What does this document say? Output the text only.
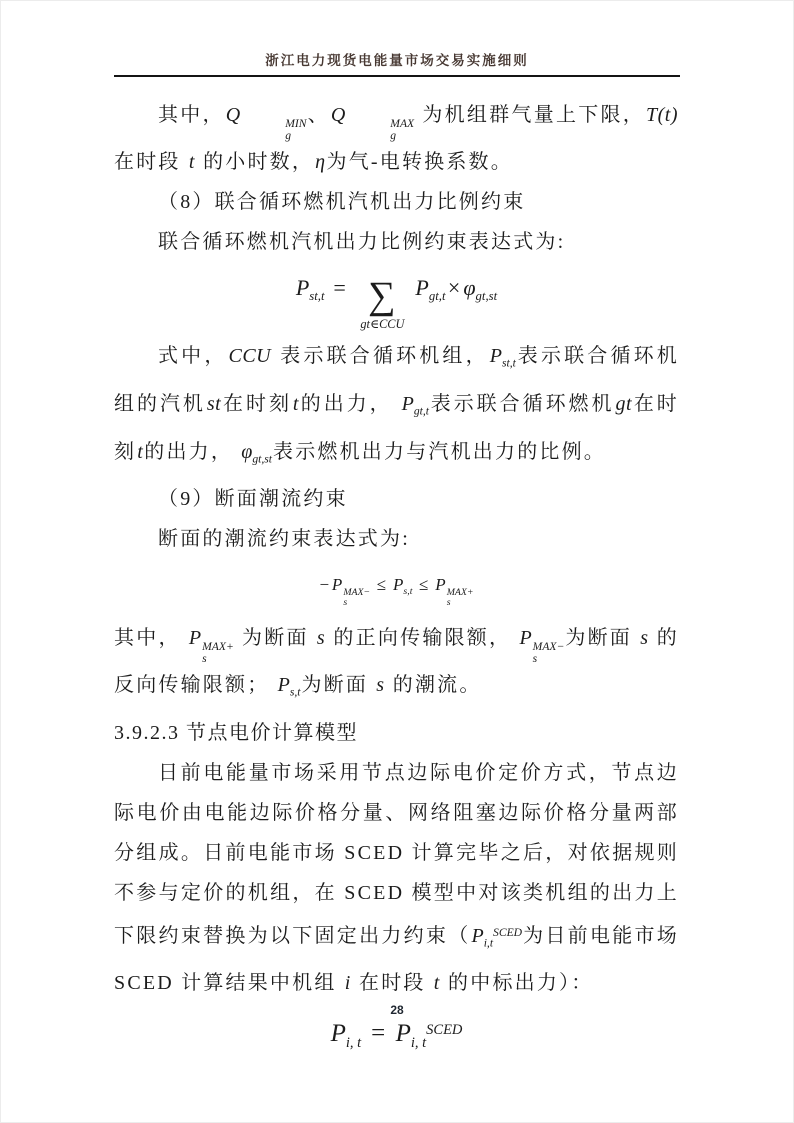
浙江电力现货电能量市场交易实施细则
其中，Q	MIN
g
、Q	MAX
g
为机组群气量上下限，T(t)在时段 t 的小时数，η为气-电转换系数。
（8）联合循环燃机汽机出力比例约束
联合循环燃机汽机出力比例约束表达式为:
$P_{st,t}$ = ∑
gt∈CCU
$P_{gt,t}\times\varphi_{gt,st}$
式中，CCU 表示联合循环机组，$P_{st,t}$表示联合循环机组的汽机st在时刻t的出力， $P_{gt,t}$表示联合循环燃机gt在时刻t的出力， $\varphi_{gt,st}$表示燃机出力与汽机出力的比例。
（9）断面潮流约束
断面的潮流约束表达式为:
−P MAX−
s
≤ $P_{s,t} \le P$ MAX+
s
其中， P MAX+
s
为断面 s 的正向传输限额， P MAX−
s
为断面 s 的反向传输限额； $P_{s,t}$为断面 s 的潮流。
3.9.2.3 节点电价计算模型
日前电能量市场采用节点边际电价定价方式，节点边际电价由电能边际价格分量、网络阻塞边际价格分量两部分组成。日前电能市场 SCED 计算完毕之后，对依据规则不参与定价的机组，在 SCED 模型中对该类机组的出力上下限约束替换为以下固定出力约束（$P_{i,t}^{SCED}$为日前电能市场 SCED 计算结果中机组 i 在时段 t 的中标出力）：
$P_{i, t} = P_{i, t}^{SCED}$
28
